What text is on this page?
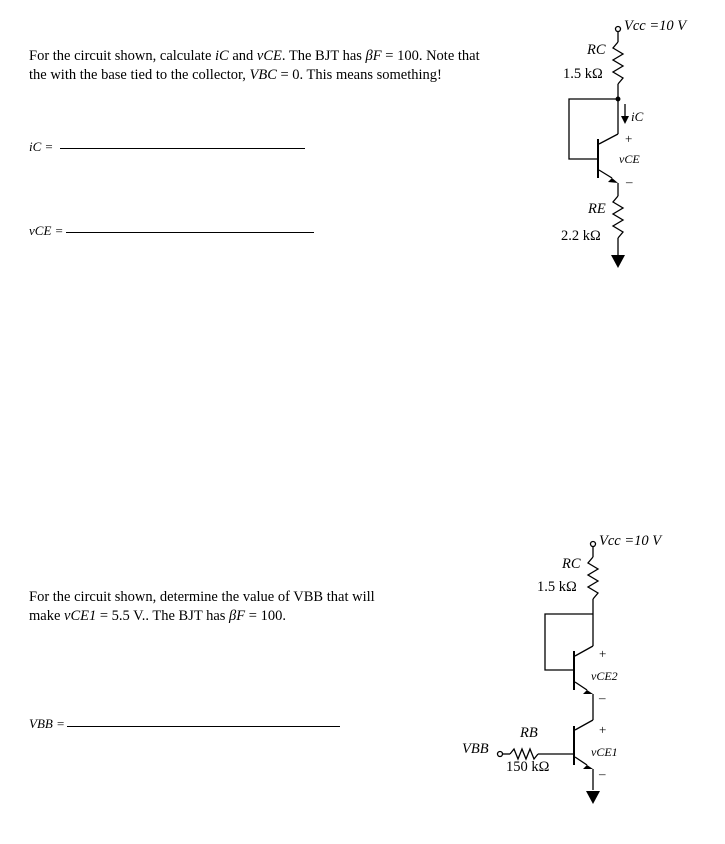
For the circuit shown, calculate iC and vCE. The BJT has βF = 100. Note that
the with the base tied to the collector, VBC = 0. This means something!
iC =
vCE =
For the circuit shown, determine the value of VBB that will
make vCE1 = 5.5 V.. The BJT has βF = 100.
VBB =
Vcc =10 V
RC
1.5 kΩ
iC
+
vCE
–
RE
2.2 kΩ
Vcc =10 V
RC
1.5 kΩ
+
vCE2
–
+
vCE1
–
VBB
RB
150 kΩ
